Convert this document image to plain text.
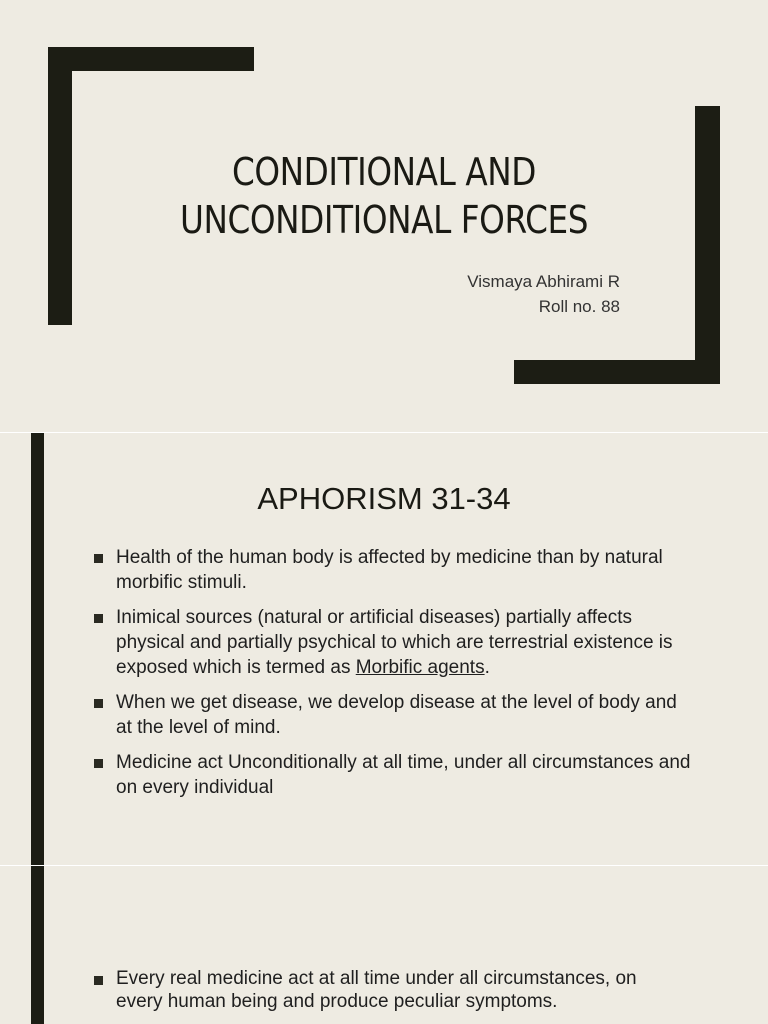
CONDITIONAL AND
UNCONDITIONAL FORCES
Vismaya Abhirami R
Roll no. 88
APHORISM 31-34
Health of the human body is affected by medicine than by natural morbific stimuli.
Inimical sources (natural or artificial diseases) partially affects physical and partially psychical to which are terrestrial existence is exposed which is termed as Morbific agents.
When we get disease, we develop disease at the level of body and at the level of mind.
Medicine act Unconditionally at all time, under all circumstances and on every individual
Every real medicine act at all time under all circumstances, on every human being and produce peculiar symptoms.
